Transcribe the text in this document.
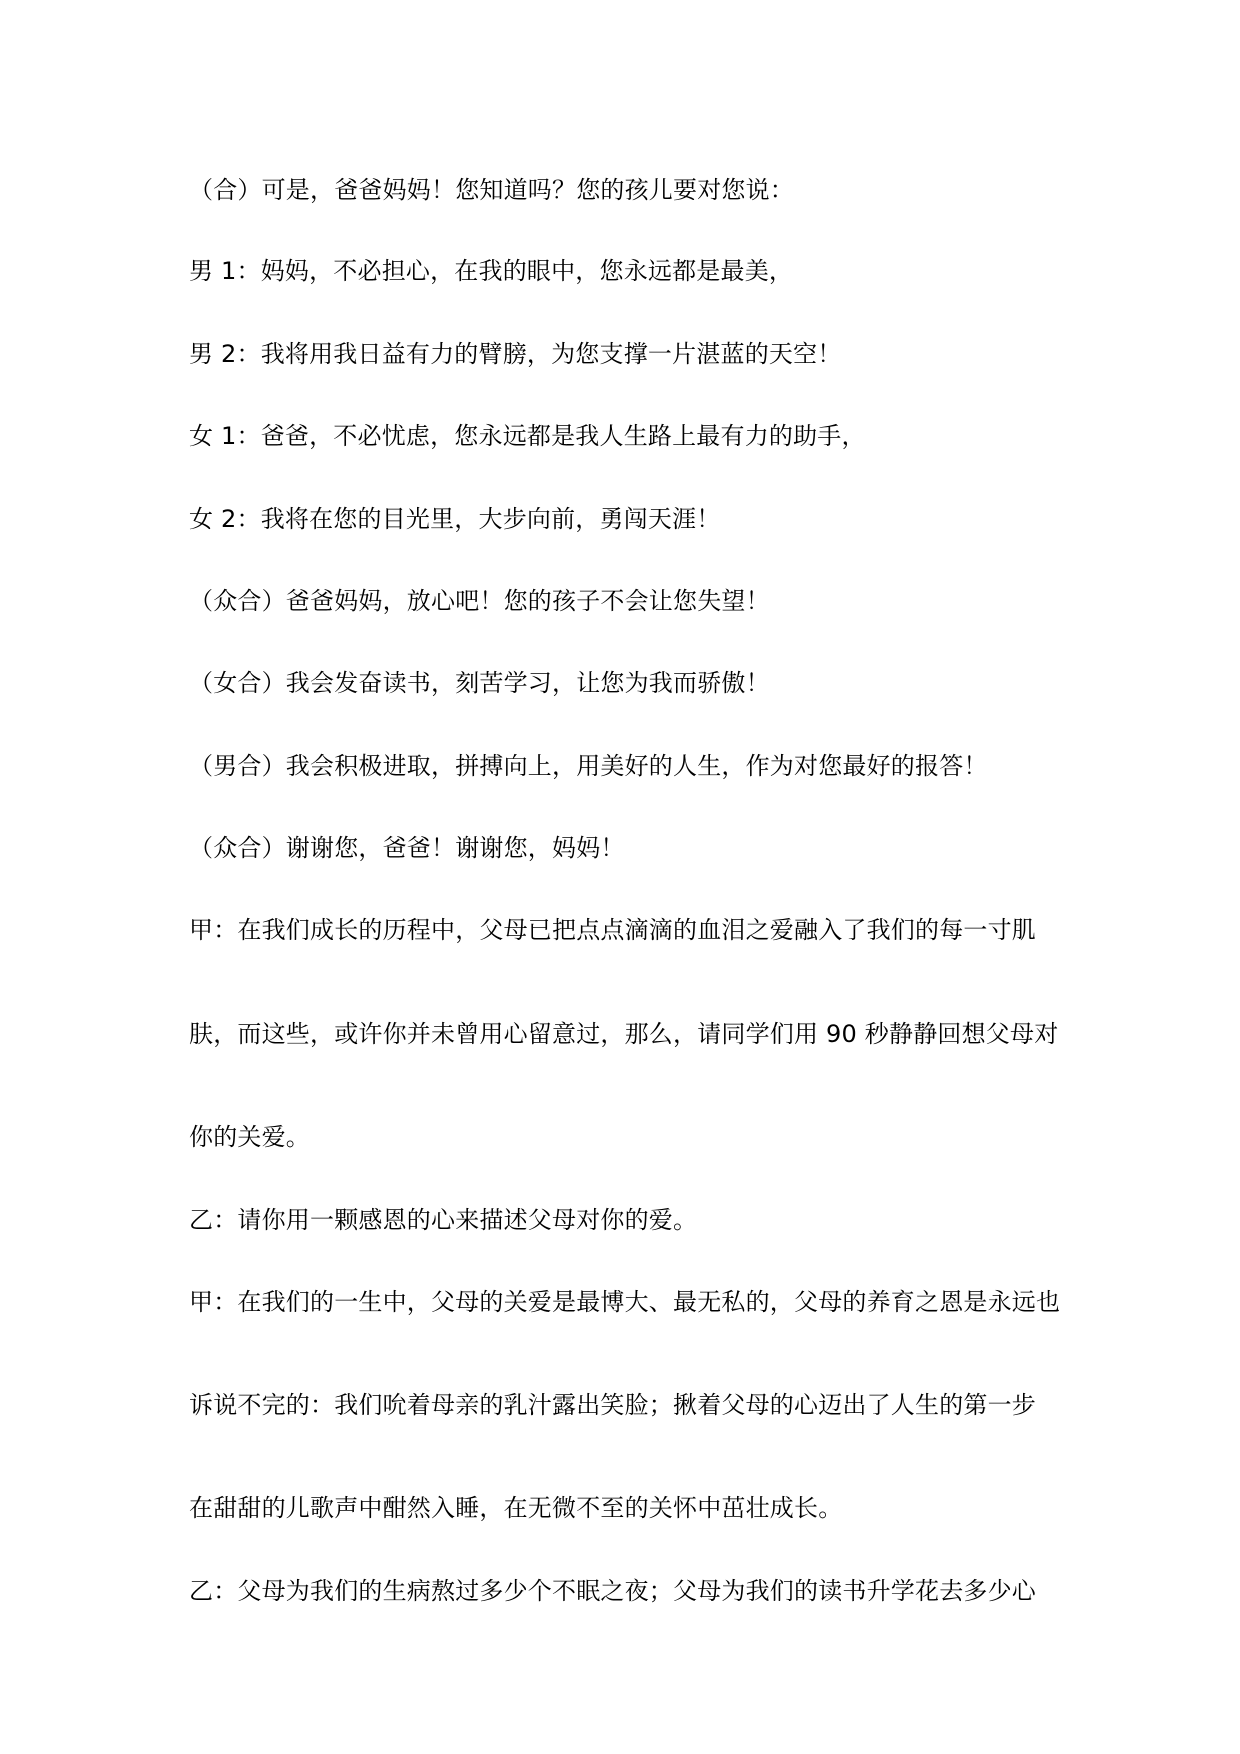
（合）可是，爸爸妈妈！您知道吗？您的孩儿要对您说：
男 1：妈妈，不必担心，在我的眼中，您永远都是最美，
男 2：我将用我日益有力的臂膀，为您支撑一片湛蓝的天空！
女 1：爸爸，不必忧虑，您永远都是我人生路上最有力的助手，
女 2：我将在您的目光里，大步向前，勇闯天涯！
（众合）爸爸妈妈，放心吧！您的孩子不会让您失望！
（女合）我会发奋读书，刻苦学习，让您为我而骄傲！
（男合）我会积极进取，拼搏向上，用美好的人生，作为对您最好的报答！
（众合）谢谢您，爸爸！谢谢您，妈妈！
甲：在我们成长的历程中，父母已把点点滴滴的血泪之爱融入了我们的每一寸肌
肤，而这些，或许你并未曾用心留意过，那么，请同学们用 90 秒静静回想父母对
你的关爱。
乙：请你用一颗感恩的心来描述父母对你的爱。
甲：在我们的一生中，父母的关爱是最博大、最无私的，父母的养育之恩是永远也
诉说不完的：我们吮着母亲的乳汁露出笑脸；揪着父母的心迈出了人生的第一步
在甜甜的儿歌声中酣然入睡，在无微不至的关怀中茁壮成长。
乙：父母为我们的生病熬过多少个不眠之夜；父母为我们的读书升学花去多少心
